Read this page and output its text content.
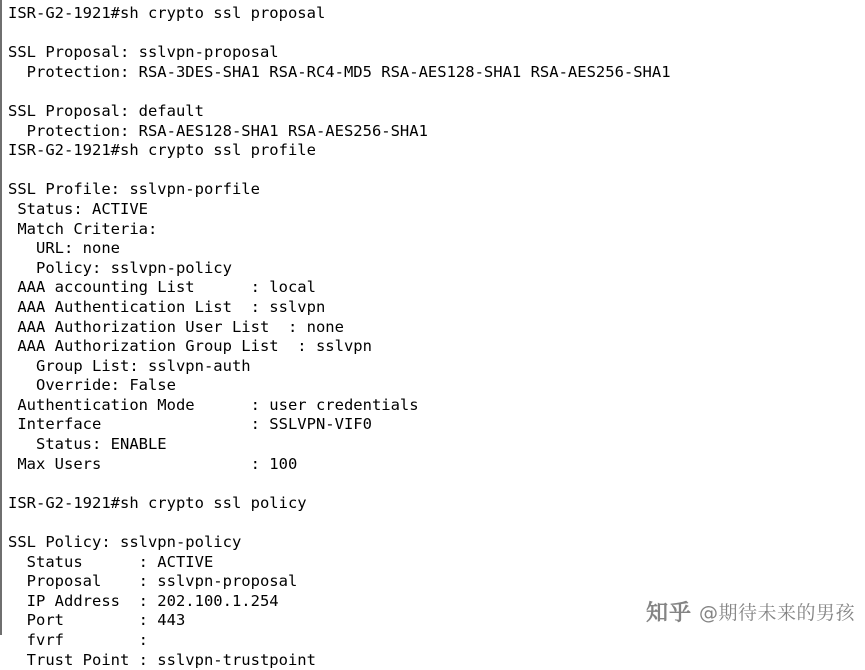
ISR-G2-1921#sh crypto ssl proposal

SSL Proposal: sslvpn-proposal
Protection: RSA-3DES-SHA1 RSA-RC4-MD5 RSA-AES128-SHA1 RSA-AES256-SHA1

SSL Proposal: default
Protection: RSA-AES128-SHA1 RSA-AES256-SHA1
ISR-G2-1921#sh crypto ssl profile

SSL Profile: sslvpn-porfile
Status: ACTIVE
Match Criteria:
URL: none
Policy: sslvpn-policy
AAA accounting List      : local
AAA Authentication List  : sslvpn
AAA Authorization User List  : none
AAA Authorization Group List  : sslvpn
Group List: sslvpn-auth
Override: False
Authentication Mode      : user credentials
Interface                : SSLVPN-VIF0
Status: ENABLE
Max Users                : 100

ISR-G2-1921#sh crypto ssl policy

SSL Policy: sslvpn-policy
Status      : ACTIVE
Proposal    : sslvpn-proposal
IP Address  : 202.100.1.254
Port        : 443
fvrf        :
Trust Point : sslvpn-trustpoint
知乎 @期待未来的男孩
